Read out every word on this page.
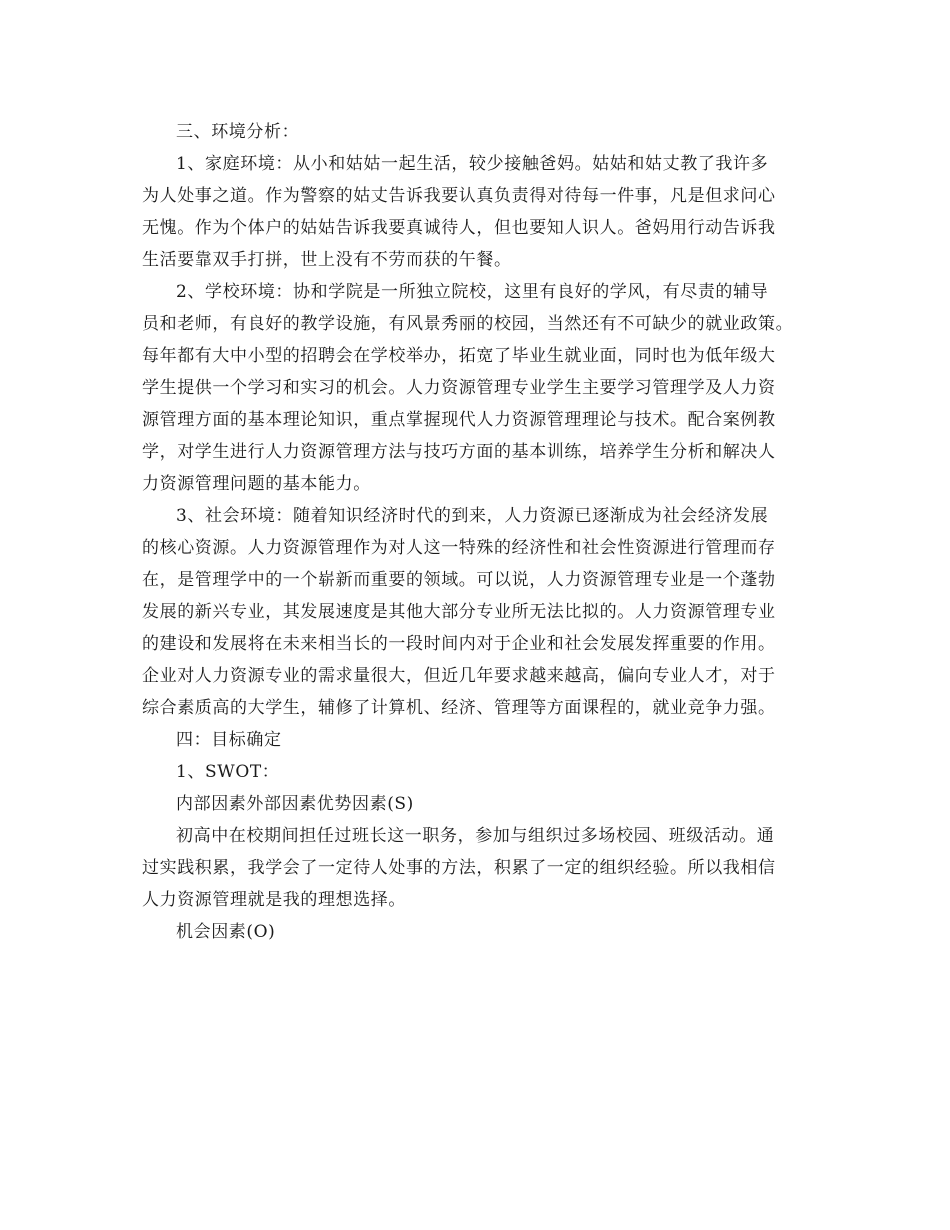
三、环境分析：

1、家庭环境：从小和姑姑一起生活，较少接触爸妈。姑姑和姑丈教了我许多
为人处事之道。作为警察的姑丈告诉我要认真负责得对待每一件事，凡是但求问心
无愧。作为个体户的姑姑告诉我要真诚待人，但也要知人识人。爸妈用行动告诉我
生活要靠双手打拼，世上没有不劳而获的午餐。

2、学校环境：协和学院是一所独立院校，这里有良好的学风，有尽责的辅导
员和老师，有良好的教学设施，有风景秀丽的校园，当然还有不可缺少的就业政策。
每年都有大中小型的招聘会在学校举办，拓宽了毕业生就业面，同时也为低年级大
学生提供一个学习和实习的机会。人力资源管理专业学生主要学习管理学及人力资
源管理方面的基本理论知识，重点掌握现代人力资源管理理论与技术。配合案例教
学，对学生进行人力资源管理方法与技巧方面的基本训练，培养学生分析和解决人
力资源管理问题的基本能力。

3、社会环境：随着知识经济时代的到来，人力资源已逐渐成为社会经济发展
的核心资源。人力资源管理作为对人这一特殊的经济性和社会性资源进行管理而存
在，是管理学中的一个崭新而重要的领域。可以说，人力资源管理专业是一个蓬勃
发展的新兴专业，其发展速度是其他大部分专业所无法比拟的。人力资源管理专业
的建设和发展将在未来相当长的一段时间内对于企业和社会发展发挥重要的作用。
企业对人力资源专业的需求量很大，但近几年要求越来越高，偏向专业人才，对于
综合素质高的大学生，辅修了计算机、经济、管理等方面课程的，就业竞争力强。

四：目标确定

1、SWOT：

内部因素外部因素优势因素(S)

初高中在校期间担任过班长这一职务，参加与组织过多场校园、班级活动。通
过实践积累，我学会了一定待人处事的方法，积累了一定的组织经验。所以我相信
人力资源管理就是我的理想选择。

机会因素(O)
